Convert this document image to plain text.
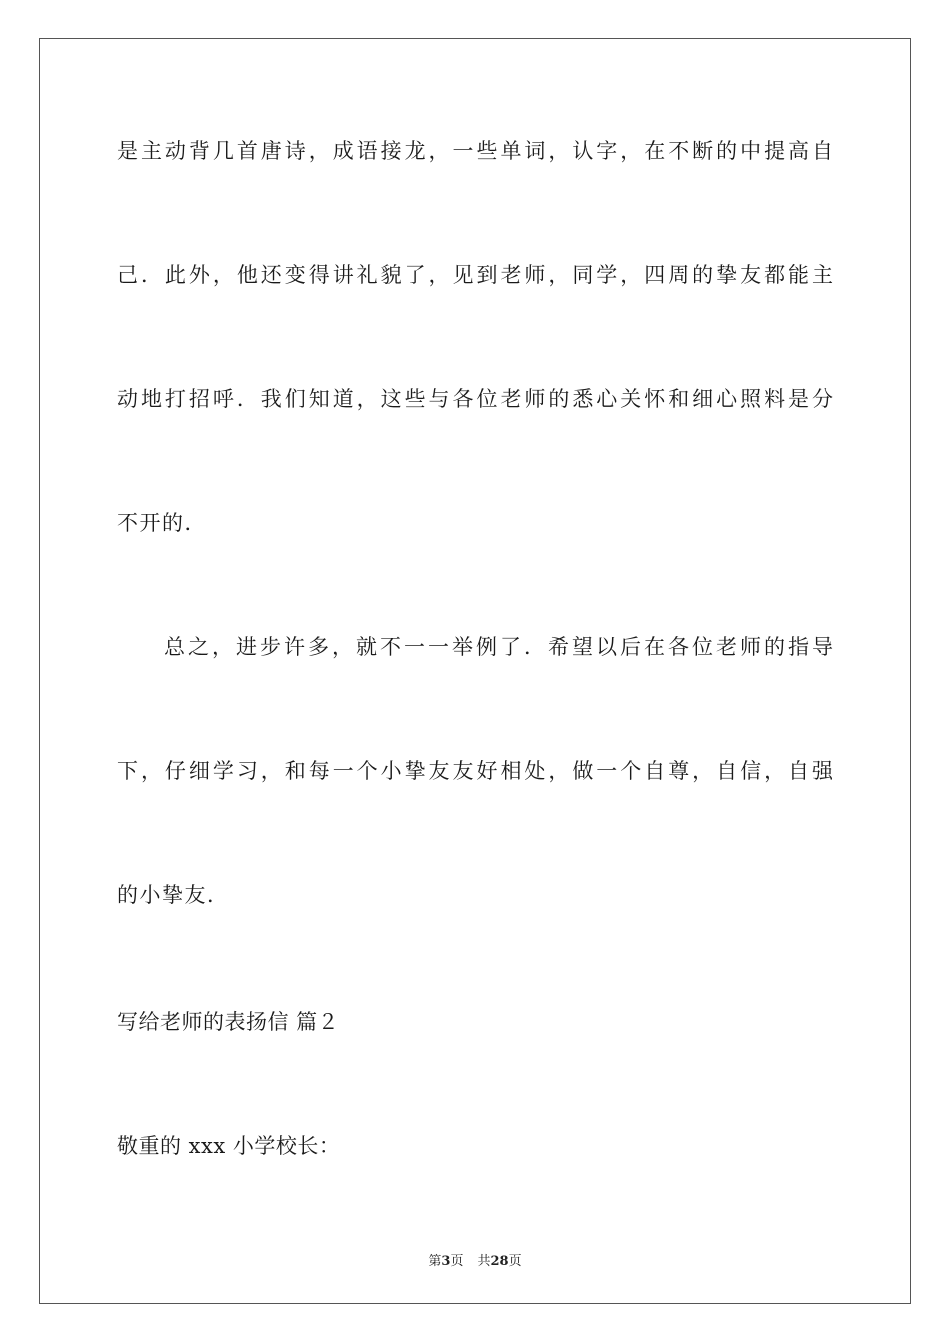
是主动背几首唐诗，成语接龙，一些单词，认字，在不断的中提高自
己．此外，他还变得讲礼貌了，见到老师，同学，四周的挚友都能主
动地打招呼．我们知道，这些与各位老师的悉心关怀和细心照料是分
不开的．
总之，进步许多，就不一一举例了．希望以后在各位老师的指导
下，仔细学习，和每一个小挚友友好相处，做一个自尊，自信，自强
的小挚友．
写给老师的表扬信 篇２
敬重的 xxx 小学校长：
第3页 共28页
